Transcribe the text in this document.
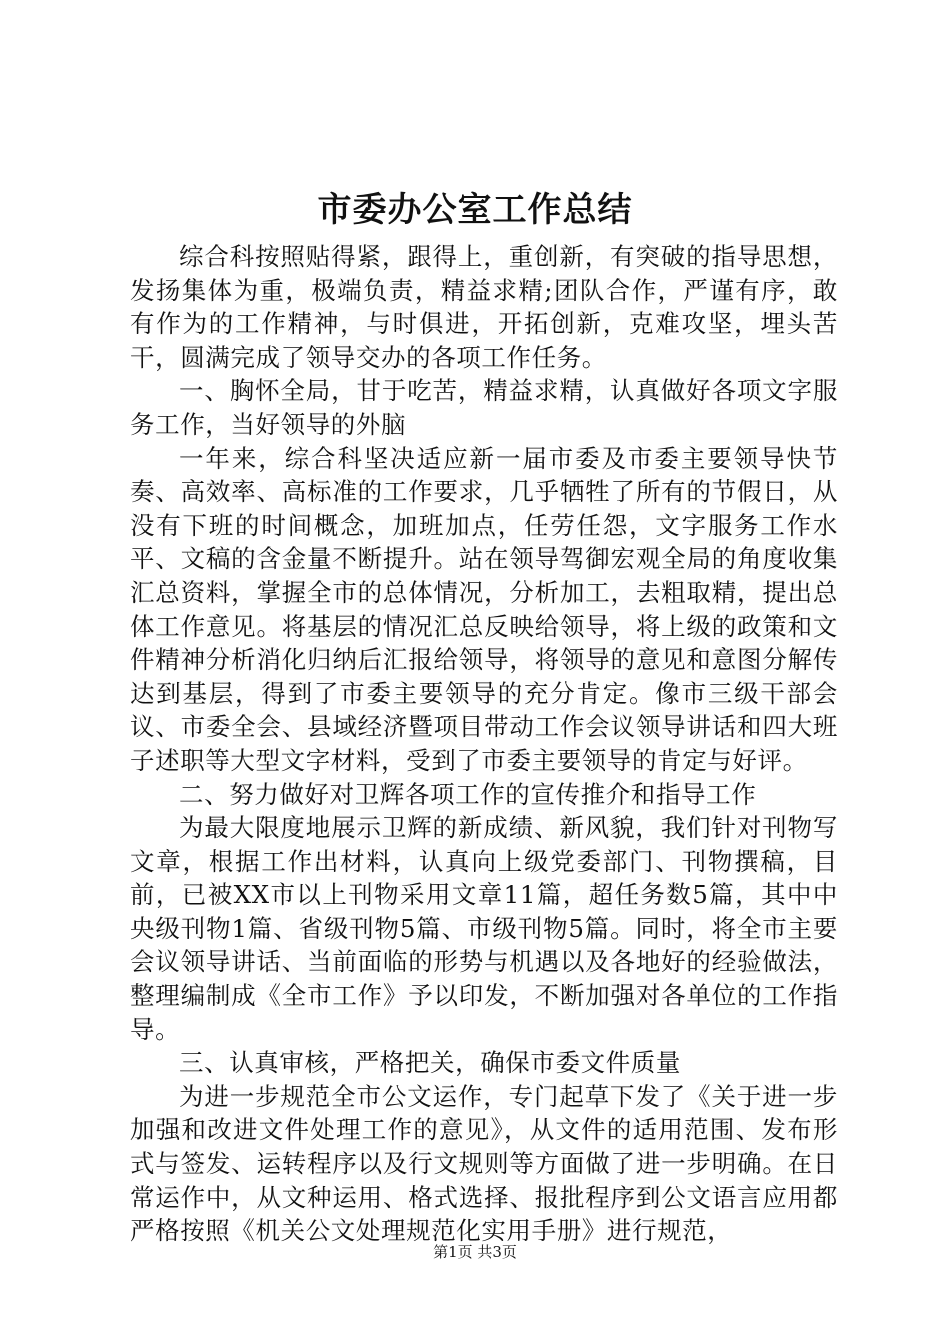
市委办公室工作总结

综合科按照贴得紧，跟得上，重创新，有突破的指导思想，发扬集体为重，极端负责，精益求精;团队合作，严谨有序，敢有作为的工作精神，与时俱进，开拓创新，克难攻坚，埋头苦干，圆满完成了领导交办的各项工作任务。

一、胸怀全局，甘于吃苦，精益求精，认真做好各项文字服务工作，当好领导的外脑

一年来，综合科坚决适应新一届市委及市委主要领导快节奏、高效率、高标准的工作要求，几乎牺牲了所有的节假日，从没有下班的时间概念，加班加点，任劳任怨，文字服务工作水平、文稿的含金量不断提升。站在领导驾御宏观全局的角度收集汇总资料，掌握全市的总体情况，分析加工，去粗取精，提出总体工作意见。将基层的情况汇总反映给领导，将上级的政策和文件精神分析消化归纳后汇报给领导，将领导的意见和意图分解传达到基层，得到了市委主要领导的充分肯定。像市三级干部会议、市委全会、县域经济暨项目带动工作会议领导讲话和四大班子述职等大型文字材料，受到了市委主要领导的肯定与好评。

二、努力做好对卫辉各项工作的宣传推介和指导工作

为最大限度地展示卫辉的新成绩、新风貌，我们针对刊物写文章，根据工作出材料，认真向上级党委部门、刊物撰稿，目前，已被XX市以上刊物采用文章11篇，超任务数5篇，其中中央级刊物1篇、省级刊物5篇、市级刊物5篇。同时，将全市主要会议领导讲话、当前面临的形势与机遇以及各地好的经验做法，整理编制成《全市工作》予以印发，不断加强对各单位的工作指导。

三、认真审核，严格把关，确保市委文件质量

为进一步规范全市公文运作，专门起草下发了《关于进一步加强和改进文件处理工作的意见》，从文件的适用范围、发布形式与签发、运转程序以及行文规则等方面做了进一步明确。在日常运作中，从文种运用、格式选择、报批程序到公文语言应用都严格按照《机关公文处理规范化实用手册》进行规范，

第1页 共3页
